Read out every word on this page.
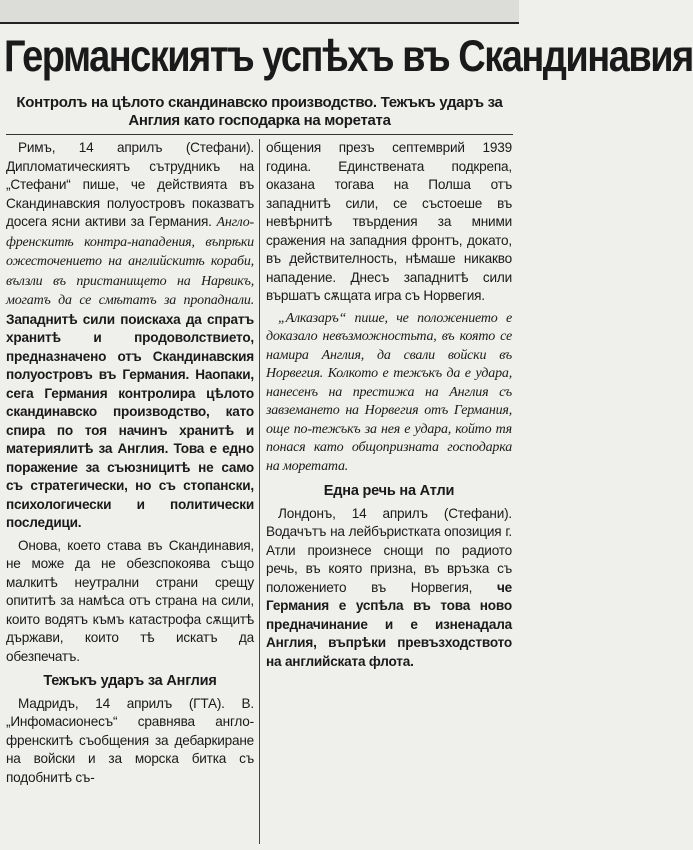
Германскиятъ успѣхъ въ Скандинавия
Контролъ на цѣлото скандинавско производство. Тежъкъ ударъ за Англия като господарка на моретата

Римъ, 14 априлъ (Стефани). Дипломатическиятъ сътрудникъ на „Стефани“ пише, че действията въ Скандинавския полуостровъ показватъ досега ясни активи за Германия. Англо-френскитѣ контра-нападения, въпрѣки ожесточението на английскитѣ кораби, вълзли въ пристанището на Нарвикъ, могатъ да се смѣтатъ за пропаднали. Западнитѣ сили поискаха да спратъ хранитѣ и продоволствието, предназначено отъ Скандинавския полуостровъ въ Германия. Наопаки, сега Германия контролира цѣлото скандинавско производство, като спира по тоя начинъ хранитѣ и материялитѣ за Англия. Това е едно поражение за съюзницитѣ не само съ стратегически, но съ стопански, психологически и политически последици.

Онова, което става въ Скандинавия, не може да не обезспокоява също малкитѣ неутрални страни срещу опититѣ за намѣса отъ страна на сили, които водятъ къмъ катастрофа сѫщитѣ държави, които тѣ искатъ да обезпечатъ.

Тежъкъ ударъ за Англия

Мадридъ, 14 априлъ (ГТА). В. „Инфомасионесъ“ сравнява англо-френскитѣ съобщения за дебаркиране на войски и за морска битка съ подобнитѣ съ-

общения презъ септемврий 1939 година. Единствената подкрепа, оказана тогава на Полша отъ западнитѣ сили, се състоеше въ невѣрнитѣ твърдения за мними сражения на западния фронтъ, докато, въ действителность, нѣмаше никакво нападение. Днесъ западнитѣ сили вършатъ сѫщата игра съ Норвегия.

„Алказаръ“ пише, че положението е доказало невъзможностьта, въ която се намира Англия, да свали войски въ Норвегия. Колкото е тежъкъ да е удара, нанесенъ на престижа на Англия съ завземането на Норвегия отъ Германия, още по-тежъкъ за нея е удара, който тя понася като общопризната господарка на моретата.

Една речь на Атли

Лондонъ, 14 априлъ (Стефани). Водачътъ на лейбъристката опозиция г. Атли произнесе снощи по радиото речь, въ която призна, въ връзка съ положението въ Норвегия, че Германия е успѣла въ това ново предначинание и е изненадала Англия, въпрѣки превъзходството на английската флота.
